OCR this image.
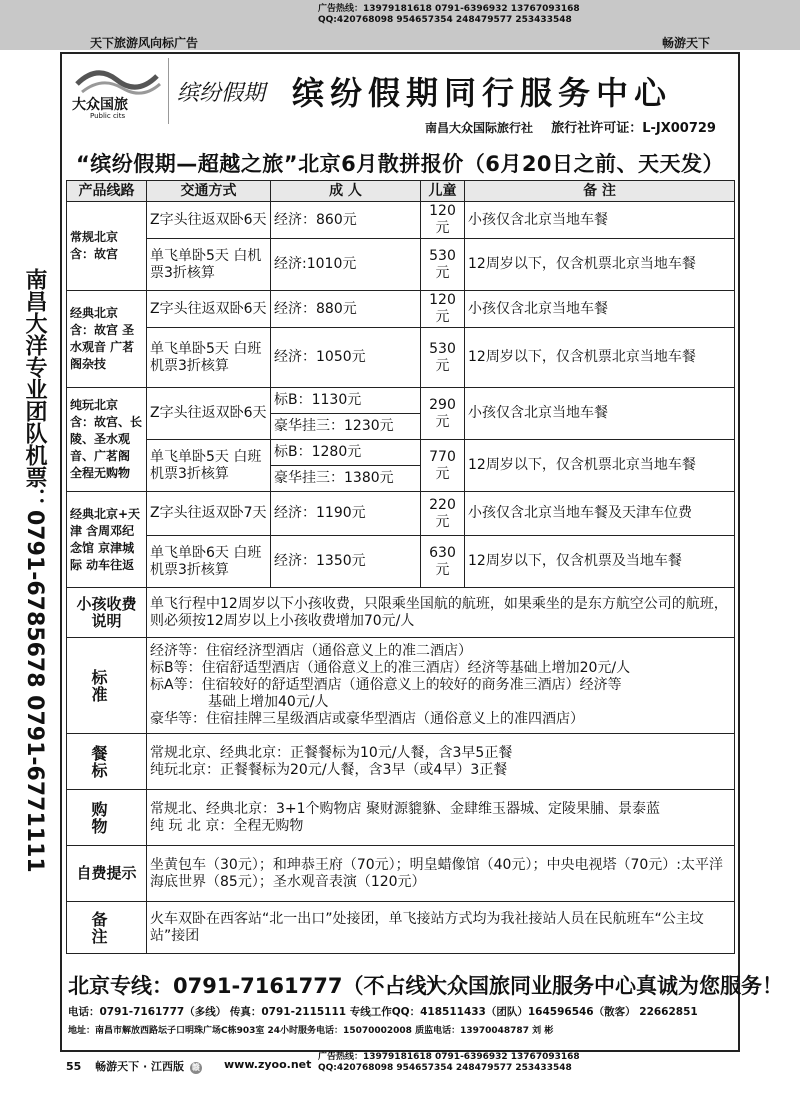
天下旅游风向标广告
广告热线：13979181618 0791-6396932 13767093168
QQ:420768098 954657354 248479577 253433548
畅游天下
大众国旅
Public cits
缤纷假期 缤纷假期同行服务中心
南昌大众国际旅行社 旅行社许可证：L-JX00729
“缤纷假期—超越之旅”北京6月散拼报价（6月20日之前、天天发）
南昌大洋专业团队机票：0791-6785678 0791-6771111
产品线路	交通方式	成 人	儿童	备 注
常规北京 含：故宫	Z字头往返双卧6天	经济：860元	120元	小孩仅含北京当地车餐
	单飞单卧5天 白机票3折核算	经济:1010元	530元	12周岁以下，仅含机票北京当地车餐
经典北京 含：故宫 圣水观音 广茗阁杂技	Z字头往返双卧6天	经济：880元	120元	小孩仅含北京当地车餐
	单飞单卧5天 白班机票3折核算	经济：1050元	530元	12周岁以下，仅含机票北京当地车餐
纯玩北京 含：故宫、长陵、圣水观音、广茗阁 全程无购物	Z字头往返双卧6天	标B：1130元	290元	小孩仅含北京当地车餐
		豪华挂三：1230元		
	单飞单卧5天 白班机票3折核算	标B：1280元	770元	12周岁以下，仅含机票北京当地车餐
		豪华挂三：1380元		
经典北京+天津 含周邓纪念馆 京津城际 动车往返	Z字头往返双卧7天	经济：1190元	220元	小孩仅含北京当地车餐及天津车位费
	单飞单卧6天 白班机票3折核算	经济：1350元	630元	12周岁以下，仅含机票及当地车餐
小孩收费说明	单飞行程中12周岁以下小孩收费，只限乘坐国航的航班，如果乘坐的是东方航空公司的航班，则必须按12周岁以上小孩收费增加70元/人			
标 准	经济等：住宿经济型酒店（通俗意义上的准二酒店）
标B等：住宿舒适型酒店（通俗意义上的准三酒店）经济等基础上增加20元/人
标A等：住宿较好的舒适型酒店（通俗意义上的较好的商务准三酒店）经济等
基础上增加40元/人
豪华等：住宿挂牌三星级酒店或豪华型酒店（通俗意义上的准四酒店）			

餐 标	常规北京、经典北京：正餐餐标为10元/人餐，含3早5正餐
纯玩北京：正餐餐标为20元/人餐，含3早（或4早）3正餐			

购 物	常规北、经典北京：3+1个购物店 聚财源貔貅、金肆维玉器城、定陵果脯、景泰蓝
纯 玩 北 京：全程无购物			

自费提示	坐黄包车（30元）；和珅恭王府（70元）；明皇蜡像馆（40元）；中央电视塔（70元）:太平洋海底世界（85元）；圣水观音表演（120元）			
备 注	火车双卧在西客站“北一出口”处接团，单飞接站方式均为我社接站人员在民航班车“公主坟站”接团			
北京专线：0791-7161777（不占线）
大众国旅同业服务中心真诚为您服务！
电话：0791-7161777（多线） 传真：0791-2115111 专线工作QQ：418511433（团队）164596546（散客） 22662851
地址：南昌市解放西路坛子口明珠广场C栋903室 24小时服务电话：15070002008 质监电话：13970048787 刘 彬
55 畅游天下 · 江西版 赣 www.zyoo.net
广告热线：13979181618 0791-6396932 13767093168
QQ:420768098 954657354 248479577 253433548
